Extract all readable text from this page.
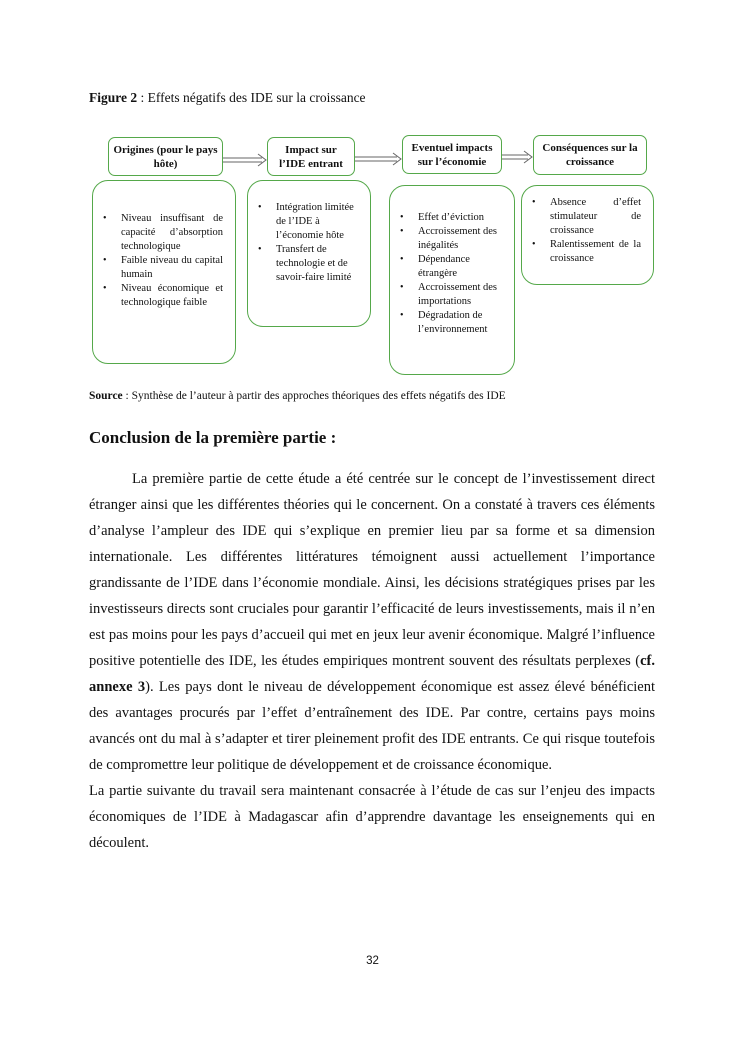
Figure 2 : Effets négatifs des IDE sur la croissance
Origines (pour le pays hôte)
Impact sur l’IDE entrant
Eventuel impacts sur l’économie
Conséquences sur la croissance
• Niveau insuffisant de capacité d’absorption technologique
• Faible niveau du capital humain
• Niveau économique et technologique faible
• Intégration limitée de l’IDE à l’économie hôte
• Transfert de technologie et de savoir-faire limité
• Effet d’éviction
• Accroissement des inégalités
• Dépendance étrangère
• Accroissement des importations
• Dégradation de l’environnement
• Absence d’effet stimulateur de croissance
• Ralentissement de la croissance
Source : Synthèse de l’auteur à partir des approches théoriques des effets négatifs des IDE
Conclusion de la première partie :

La première partie de cette étude a été centrée sur le concept de l’investissement direct étranger ainsi que les différentes théories qui le concernent. On a constaté à travers ces éléments d’analyse l’ampleur des IDE qui s’explique en premier lieu par sa forme et sa dimension internationale. Les différentes littératures témoignent aussi actuellement l’importance grandissante de l’IDE dans l’économie mondiale. Ainsi, les décisions stratégiques prises par les investisseurs directs sont cruciales pour garantir l’efficacité de leurs investissements, mais il n’en est pas moins pour les pays d’accueil qui met en jeux leur avenir économique. Malgré l’influence positive potentielle des IDE, les études empiriques montrent souvent des résultats perplexes (cf. annexe 3). Les pays dont le niveau de développement économique est assez élevé bénéficient des avantages procurés par l’effet d’entraînement des IDE. Par contre, certains pays moins avancés ont du mal à s’adapter et tirer pleinement profit des IDE entrants. Ce qui risque toutefois de compromettre leur politique de développement et de croissance économique.

La partie suivante du travail sera maintenant consacrée à l’étude de cas sur l’enjeu des impacts économiques de l’IDE à Madagascar afin d’apprendre davantage les enseignements qui en découlent.

32
